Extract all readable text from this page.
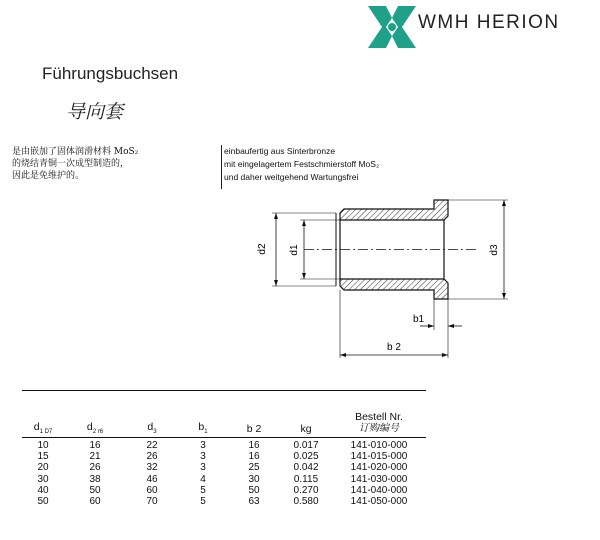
WMH HERION
Führungsbuchsen
导向套
是由嵌加了固体润滑材料 MoS₂
的烧结青铜一次成型制造的，
因此是免维护的。
einbaufertig aus Sinterbronze
mit eingelagertem Festschmierstoff MoS₂
und daher weitgehend Wartungsfrei
d2 d1	d3
b1
b 2

$d_{1 D7}$	$d_{2 r6}$	$d_3$	$b_1$	b 2	kg	Bestell Nr.
订购编号

10	16	22	3	16	0.017	141-010-000
15	21	26	3	16	0.025	141-015-000
20	26	32	3	25	0.042	141-020-000
30	38	46	4	30	0.115	141-030-000
40	50	60	5	50	0.270	141-040-000
50	60	70	5	63	0.580	141-050-000
